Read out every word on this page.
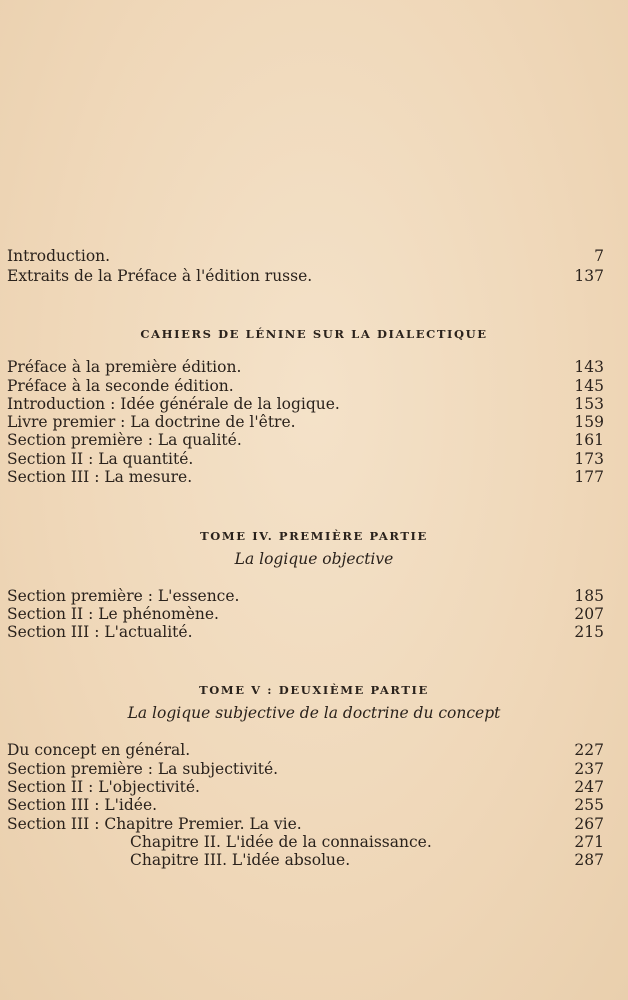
Introduction.	7
Extraits de la Préface à l'édition russe.	137
CAHIERS DE LÉNINE SUR LA DIALECTIQUE
Préface à la première édition.	143
Préface à la seconde édition.	145
Introduction : Idée générale de la logique.	153
Livre premier : La doctrine de l'être.	159
Section première : La qualité.	161
Section II : La quantité.	173
Section III : La mesure.	177
TOME IV. PREMIÈRE PARTIE
La logique objective
Section première : L'essence.	185
Section II : Le phénomène.	207
Section III : L'actualité.	215
TOME V : DEUXIÈME PARTIE
La logique subjective de la doctrine du concept
Du concept en général.	227
Section première : La subjectivité.	237
Section II : L'objectivité.	247
Section III : L'idée.	255
Section III : Chapitre Premier. La vie.	267
Chapitre II. L'idée de la connaissance.	271
Chapitre III. L'idée absolue.	287
